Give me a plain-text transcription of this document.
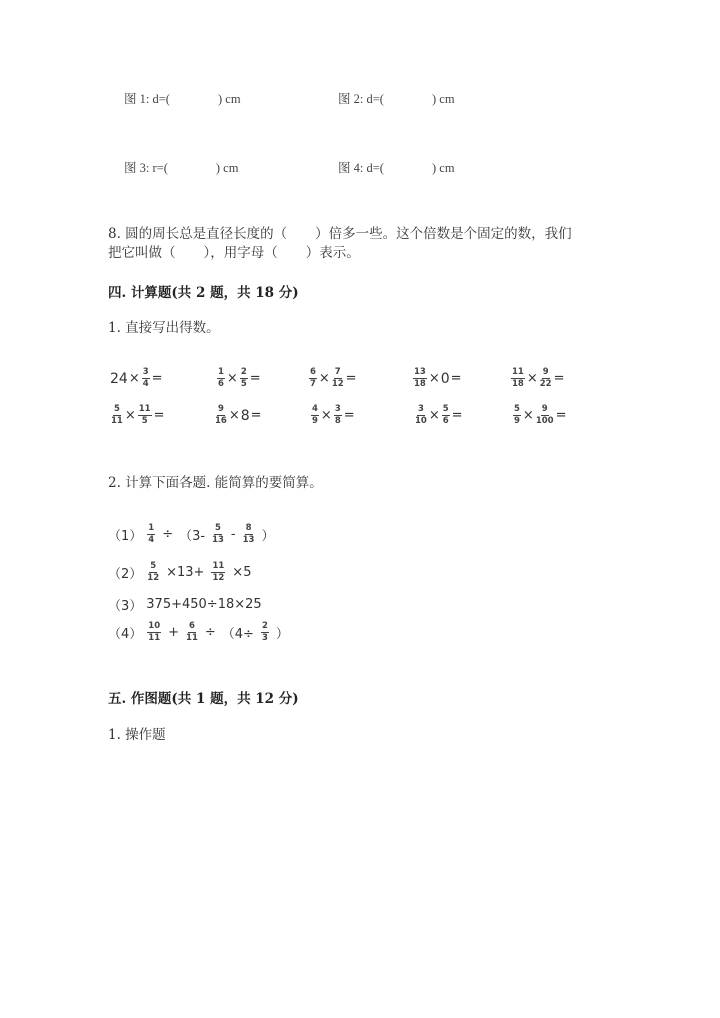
图 1: d=(	) cm	图 2: d=(	) cm
图 3: r=(	) cm	图 4: d=(	) cm
8. 圆的周长总是直径长度的（ ）倍多一些。这个倍数是个固定的数，我们
把它叫做（ ），用字母（ ）表示。
四. 计算题(共 2 题，共 18 分)
1. 直接写出得数。
$24 \times \frac{3}{4}$ =	$\frac{1}{6} \times \frac{2}{5}$ =	$\frac{6}{7} \times \frac{7}{12}$ =	$\frac{13}{18} \times 0$ =	$\frac{11}{18} \times \frac{9}{22}$ =
$\frac{5}{11} \times \frac{11}{5}$ =	$\frac{9}{16} \times 8$ =	$\frac{4}{9} \times \frac{3}{8}$ =	$\frac{3}{10} \times \frac{5}{6}$ =	$\frac{5}{9} \times \frac{9}{100}$ =
2. 计算下面各题. 能简算的要简算。
$(1) \frac{1}{4} \div (3- \frac{5}{13} - \frac{8}{13}$ ）
$(2) \frac{5}{12} \times 13+ \frac{11}{12} \times 5$
（3） 375+450÷18×25
$(4) \frac{10}{11} + \frac{6}{11} \div (4\div \frac{2}{3}$ ）
五. 作图题(共 1 题，共 12 分)
1. 操作题
